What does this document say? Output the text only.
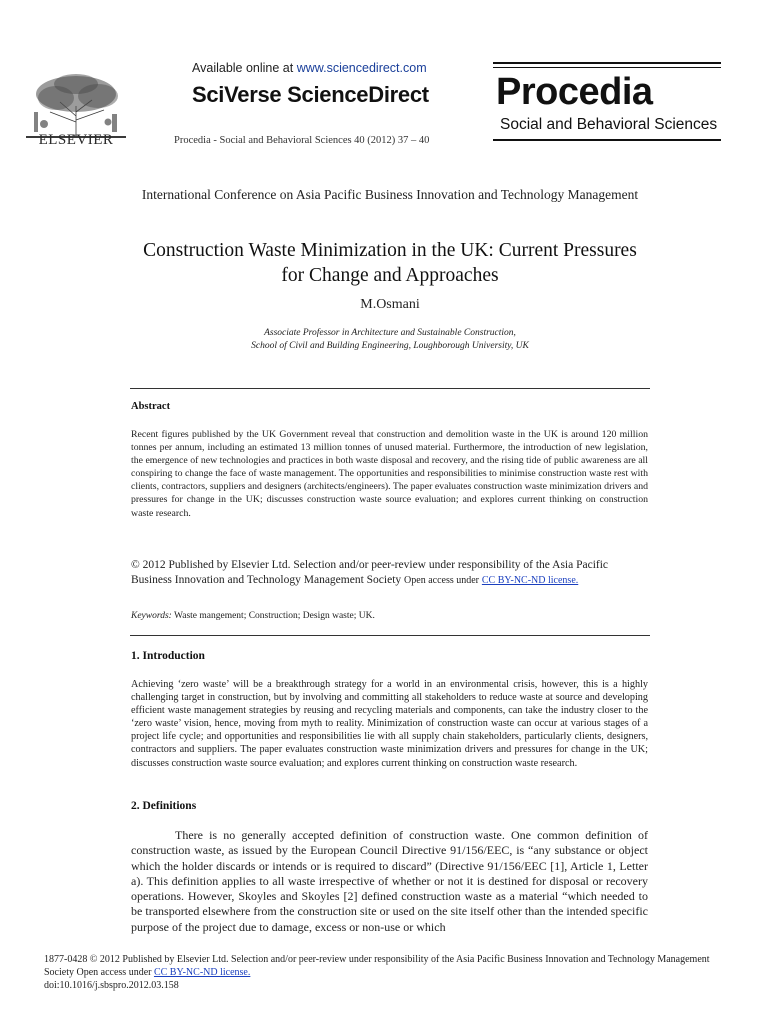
ELSEVIER
Available online at www.sciencedirect.com
SciVerse ScienceDirect
Procedia - Social and Behavioral Sciences 40 (2012) 37 – 40
Procedia
Social and Behavioral Sciences
International Conference on Asia Pacific Business Innovation and Technology Management
Construction Waste Minimization in the UK: Current Pressures for Change and Approaches
M.Osmani
Associate Professor in Architecture and Sustainable Construction,
School of Civil and Building Engineering, Loughborough University, UK
Abstract
Recent figures published by the UK Government reveal that construction and demolition waste in the UK is around 120 million tonnes per annum, including an estimated 13 million tonnes of unused material. Furthermore, the introduction of new legislation, the emergence of new technologies and practices in both waste disposal and recovery, and the rising tide of public awareness are all conspiring to change the face of waste management. The opportunities and responsibilities to minimise construction waste rest with clients, contractors, suppliers and designers (architects/engineers). The paper evaluates construction waste minimization drivers and pressures for change in the UK; discusses construction waste source evaluation; and explores current thinking on construction waste research.
© 2012 Published by Elsevier Ltd. Selection and/or peer-review under responsibility of the Asia Pacific Business Innovation and Technology Management Society Open access under CC BY-NC-ND license.
Keywords: Waste mangement; Construction; Design waste; UK.
1. Introduction
Achieving ‘zero waste’ will be a breakthrough strategy for a world in an environmental crisis, however, this is a highly challenging target in construction, but by involving and committing all stakeholders to reduce waste at source and developing efficient waste management strategies by reusing and recycling materials and components, can take the industry closer to the ‘zero waste’ vision, hence, moving from myth to reality. Minimization of construction waste can occur at various stages of a project life cycle; and opportunities and responsibilities lie with all supply chain stakeholders, particularly clients, designers, contractors and suppliers. The paper evaluates construction waste minimization drivers and pressures for change in the UK; discusses construction waste source evaluation; and explores current thinking on construction waste research.
2. Definitions
There is no generally accepted definition of construction waste. One common definition of construction waste, as issued by the European Council Directive 91/156/EEC, is “any substance or object which the holder discards or intends or is required to discard” (Directive 91/156/EEC [1], Article 1, Letter a). This definition applies to all waste irrespective of whether or not it is destined for disposal or recovery operations. However, Skoyles and Skoyles [2] defined construction waste as a material “which needed to be transported elsewhere from the construction site or used on the site itself other than the intended specific purpose of the project due to damage, excess or non-use or which
1877-0428 © 2012 Published by Elsevier Ltd. Selection and/or peer-review under responsibility of the Asia Pacific Business Innovation and Technology Management Society Open access under CC BY-NC-ND license.
doi:10.1016/j.sbspro.2012.03.158
